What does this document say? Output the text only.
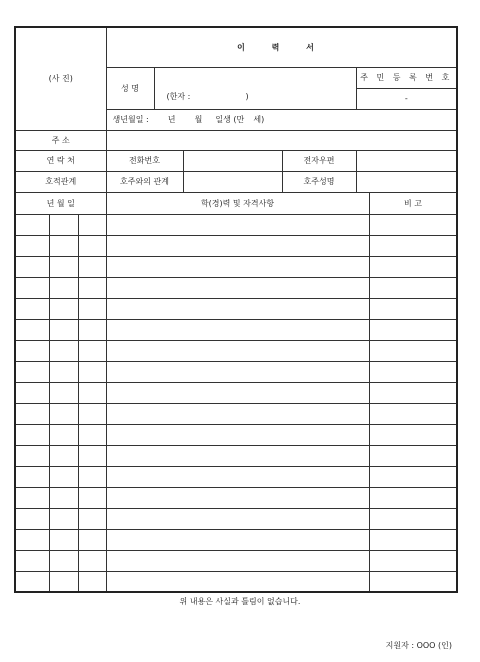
(사 진)			이 력 서					
			성 명	(한자 : )			주 민 등 록 번 호	
							-	
			생년월일 : 년 월 일생 (만 세)					
주 소								
연 락 처			전화번호			전자우편		
호적관계			호주와의 관계			호주성명		
년 월 일			학(경)력 및 자격사항					비 고

위 내용은 사실과 틀림이 없습니다.
지원자 : OOO (인)
